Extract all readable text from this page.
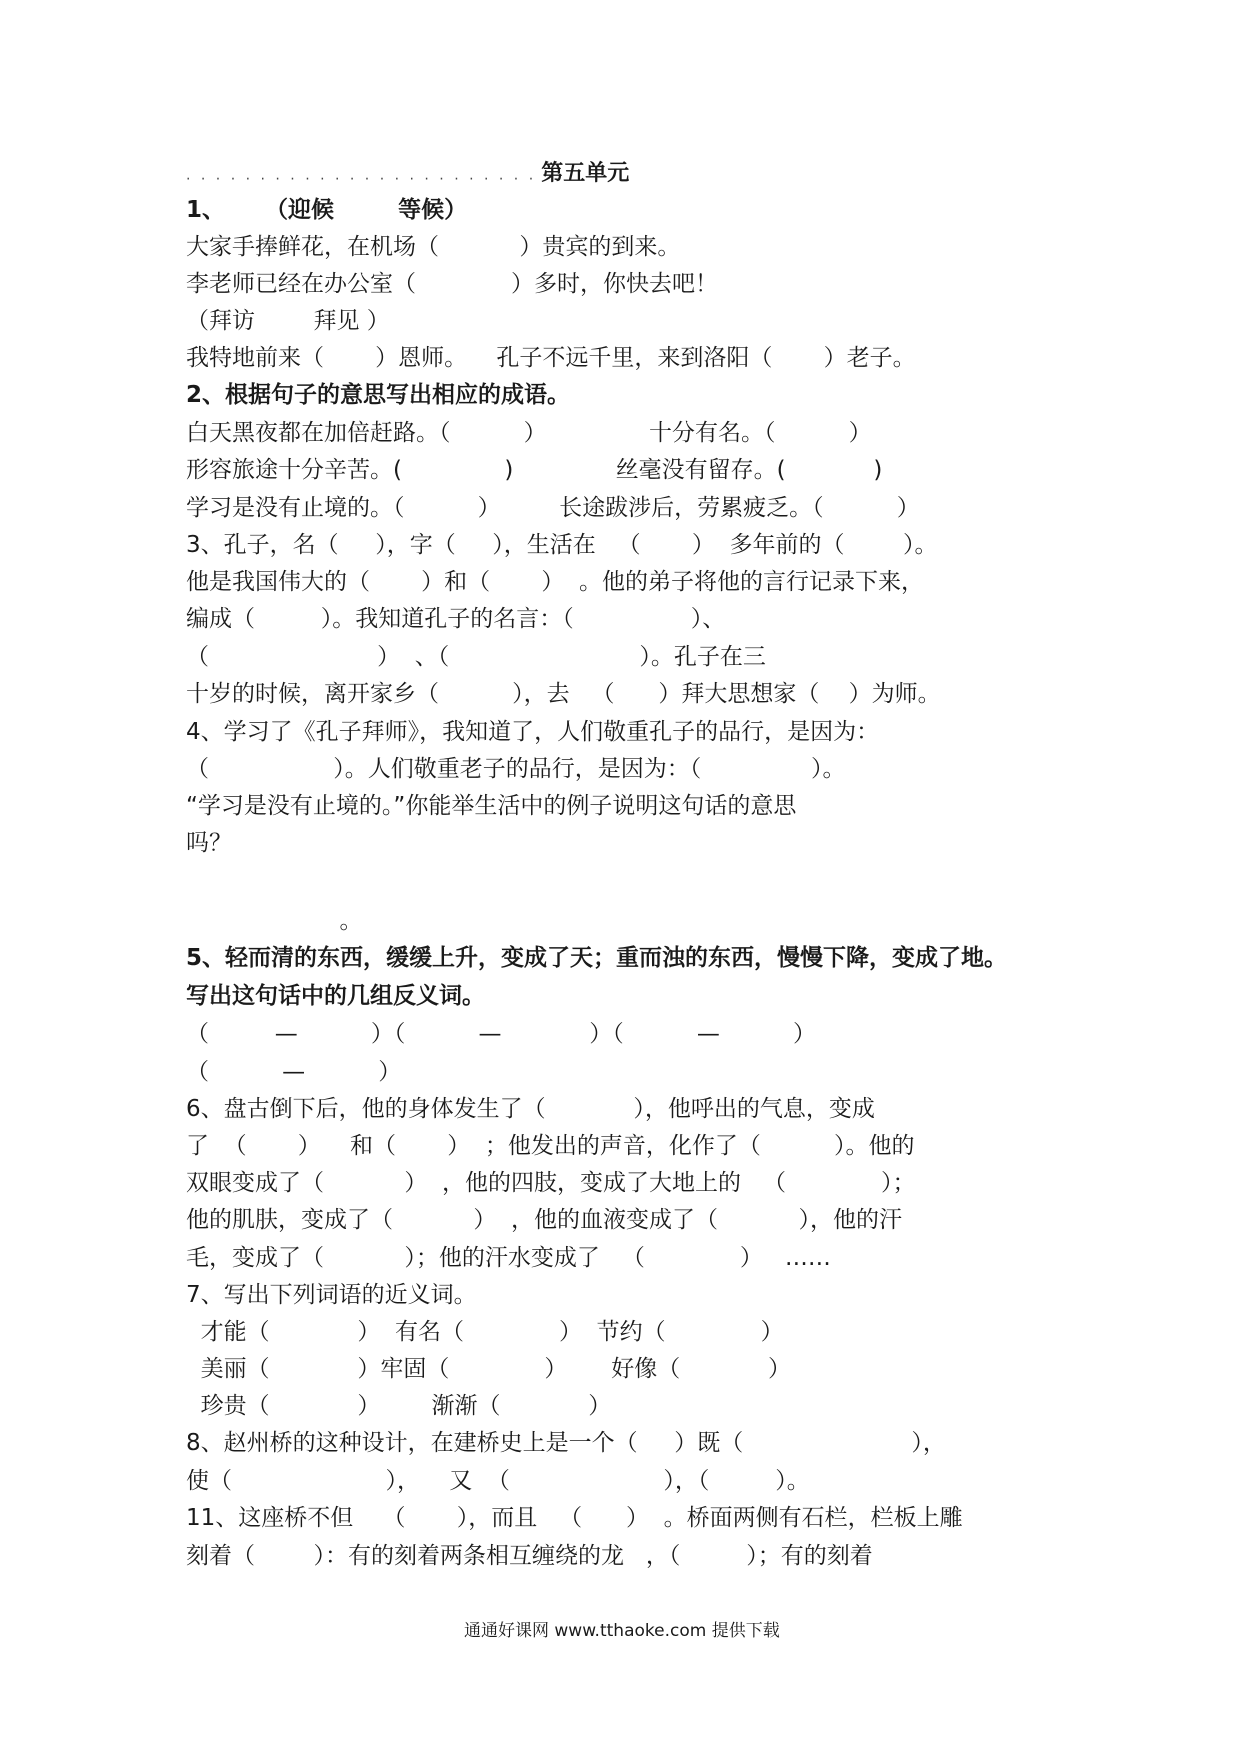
. . . . . . . . . . . . . . . . . . . . . . . . 第五单元
1、     （迎候        等候）
大家手捧鲜花，在机场（           ）贵宾的到来。
李老师已经在办公室（             ）多时，你快去吧！
（拜访        拜见 ）
我特地前来（       ）恩师。    孔子不远千里，来到洛阳（       ）老子。
2、根据句子的意思写出相应的成语。
白天黑夜都在加倍赶路。（          ）              十分有名。（          ）
形容旅途十分辛苦。(              )              丝毫没有留存。(            )
学习是没有止境的。（          ）        长途跋涉后，劳累疲乏。（          ）
3、孔子，名（     ），字（     ），生活在   （       ）  多年前的（        ）。
他是我国伟大的（       ）和（       ）  。他的弟子将他的言行记录下来，
编成（         ）。我知道孔子的名言：（                ）、
（                       ）  、（                          ）。孔子在三
十岁的时候，离开家乡（          ），去   （      ）拜大思想家（    ）为师。
4、学习了《孔子拜师》，我知道了，人们敬重孔子的品行，是因为：
（                 ）。人们敬重老子的品行，是因为：（               ）。
“学习是没有止境的。”你能举生活中的例子说明这句话的意思
吗？
。
5、轻而清的东西，缓缓上升，变成了天；重而浊的东西，慢慢下降，变成了地。
写出这句话中的几组反义词。
（         —          ）（          —            ）（          —          ）
（          —          ）
6、盘古倒下后，他的身体发生了（            ），他呼出的气息，变成
了  （       ）    和（       ）  ；他发出的声音，化作了（          ）。他的
双眼变成了（           ）  ，他的四肢，变成了大地上的   （             ）；
他的肌肤，变成了（           ）  ，他的血液变成了（           ），他的汗
毛，变成了（           ）；他的汗水变成了   （             ）   ……
7、写出下列词语的近义词。
才能（            ）  有名（             ）  节约（             ）
美丽（            ）牢固（             ）      好像（            ）
珍贵（            ）       渐渐（            ）
8、赵州桥的这种设计，在建桥史上是一个（     ）既（                       ），
使（                     ），    又  （                     ），（         ）。
11、这座桥不但    （       ），而且   （      ）  。桥面两侧有石栏，栏板上雕
刻着（        ）：有的刻着两条相互缠绕的龙   ，（         ）；有的刻着
通通好课网 www.tthaoke.com 提供下载
